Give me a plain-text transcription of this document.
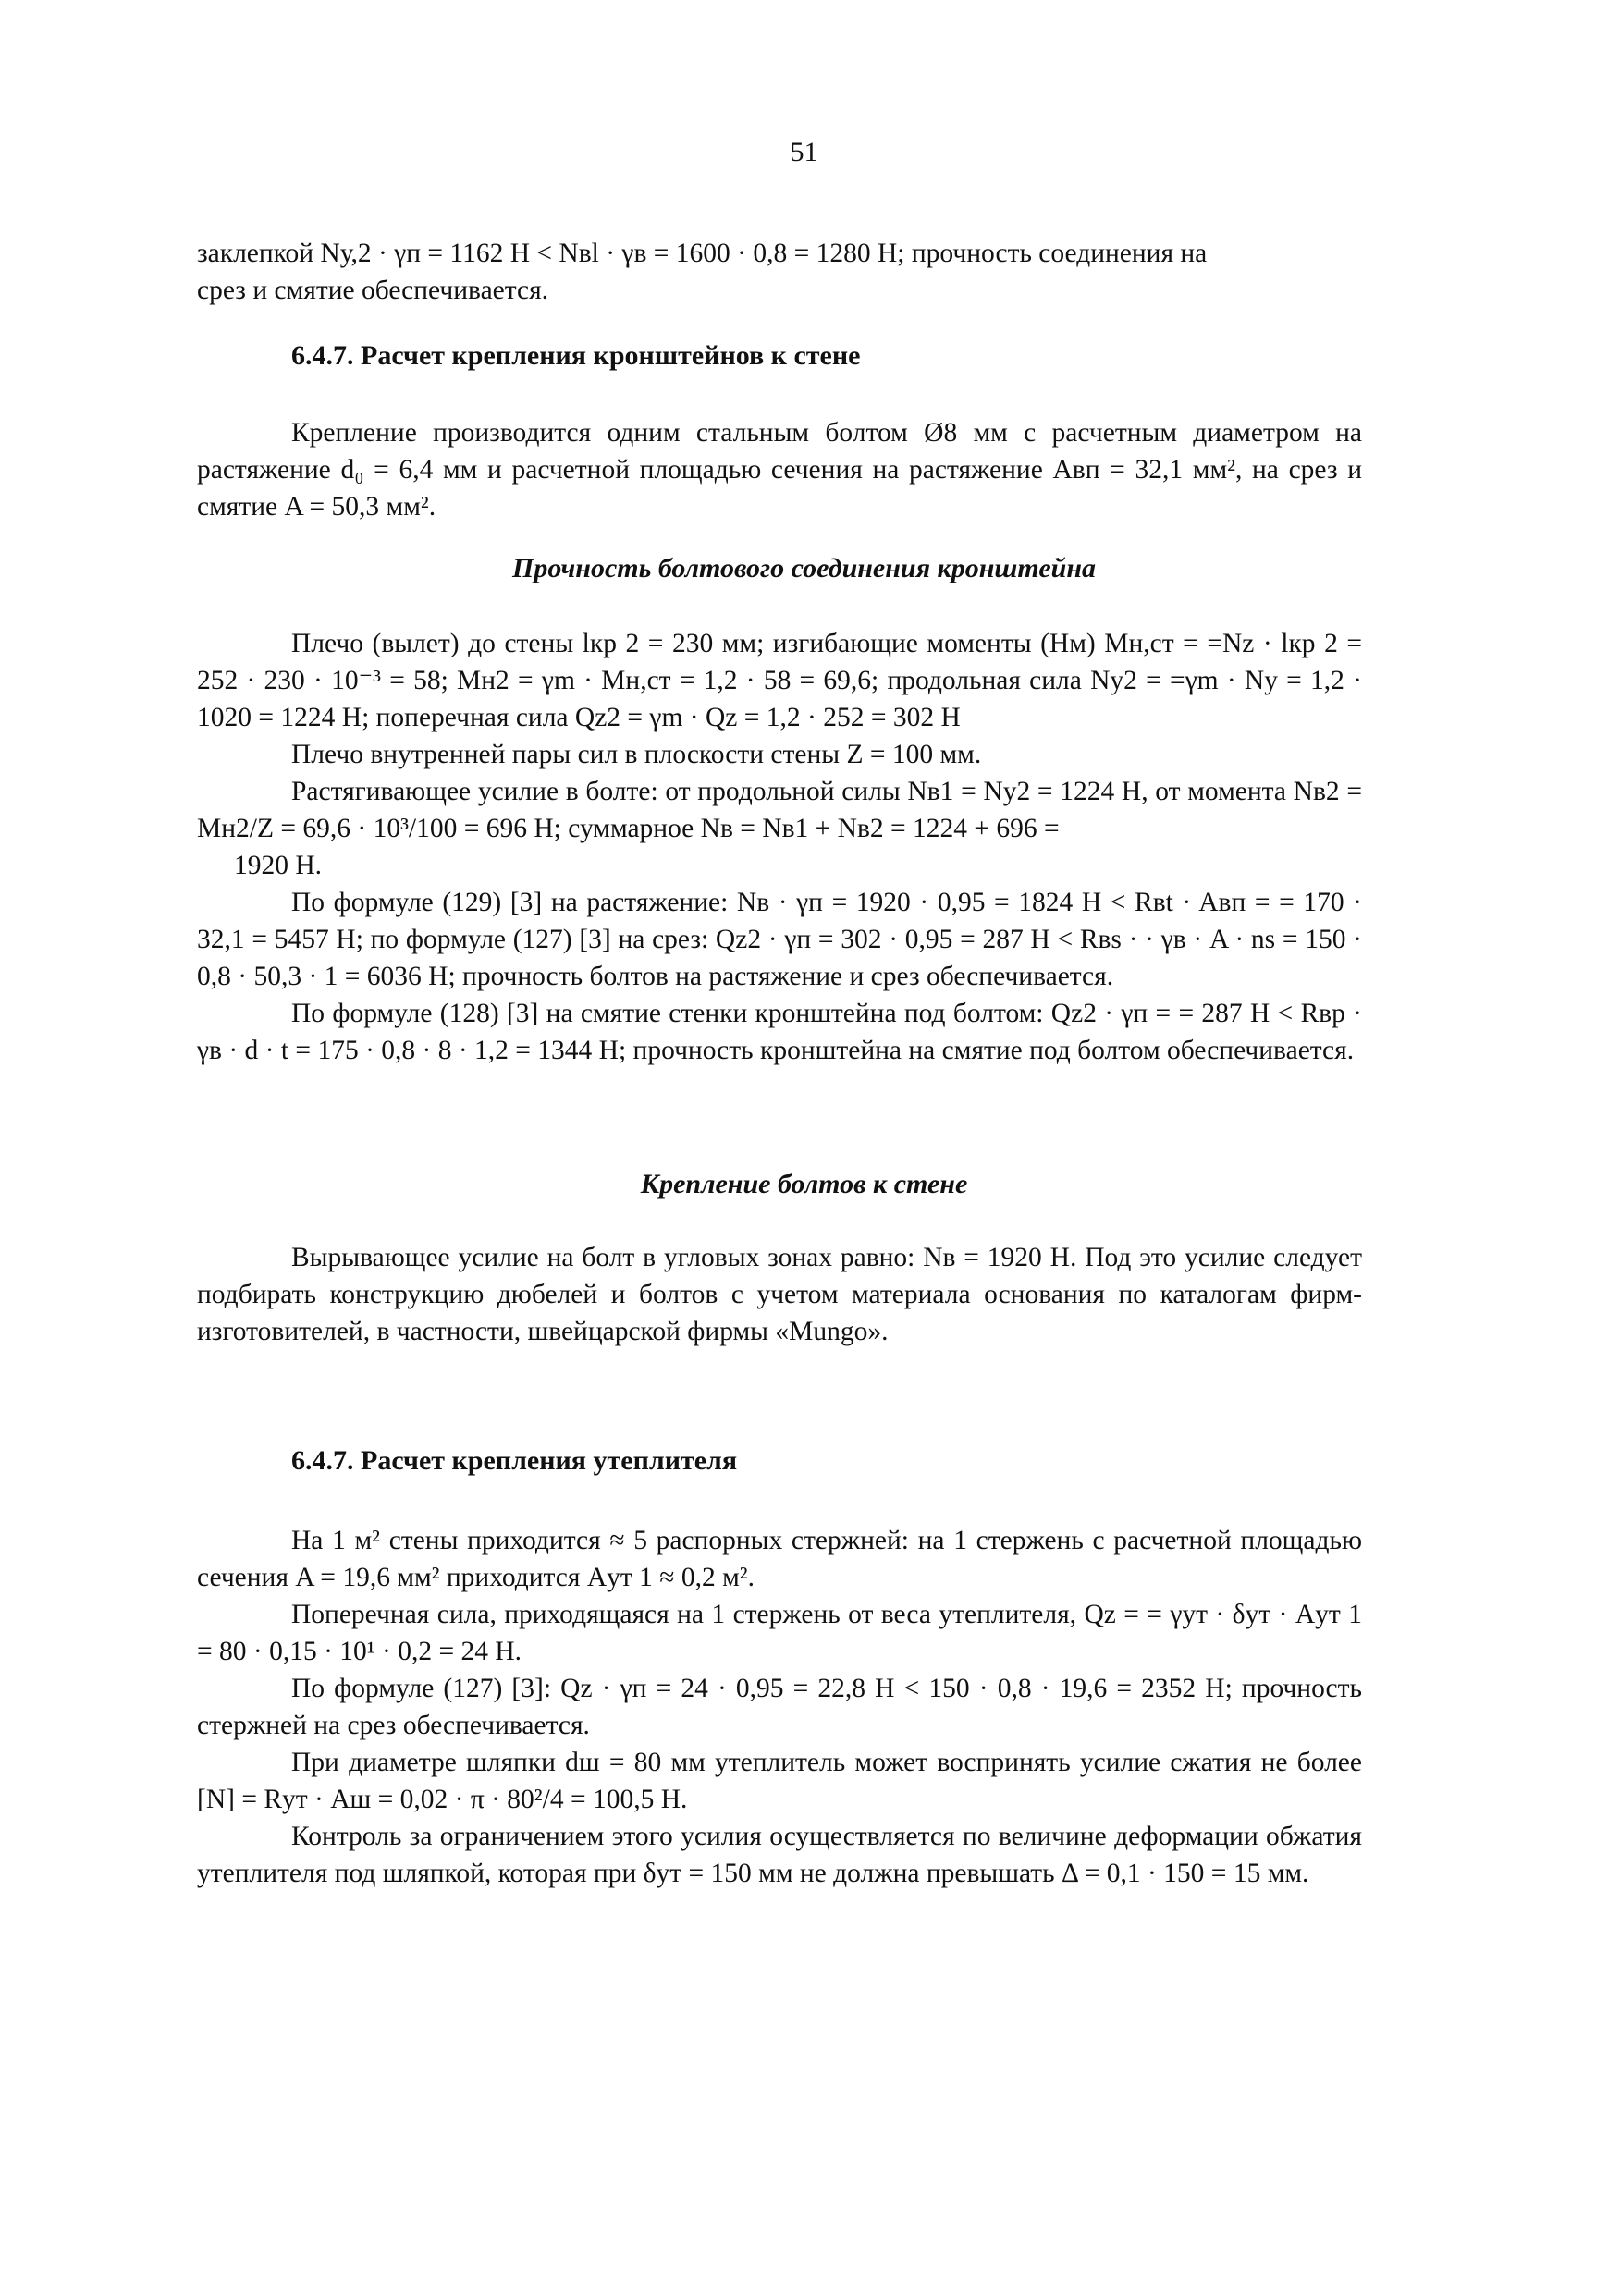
51

заклепкой Nу,2 · γп = 1162 Н < Nвl · γв = 1600 · 0,8 = 1280 Н; прочность соединения на

срез и смятие обеспечивается.

6.4.7. Расчет крепления кронштейнов к стене

Крепление производится одним стальным болтом Ø8 мм с расчетным диаметром на растяжение d₀ = 6,4 мм и расчетной площадью сечения на растяжение Aвп = 32,1 мм², на срез и смятие A = 50,3 мм².

Прочность болтового соединения кронштейна

Плечо (вылет) до стены lкр 2 = 230 мм; изгибающие моменты (Нм) Mн,ст = =Nz · lкр 2 = 252 · 230 · 10⁻³ = 58; Mн2 = γm · Mн,ст = 1,2 · 58 = 69,6; продольная сила Ny2 = =γm · Ny = 1,2 · 1020 = 1224 Н; поперечная сила Qz2 = γm · Qz = 1,2 · 252 = 302 Н

Плечо внутренней пары сил в плоскости стены Z = 100 мм.

Растягивающее усилие в болте: от продольной силы Nв1 = Ny2 = 1224 Н, от момента Nв2 = Mн2/Z = 69,6 · 10³/100 = 696 Н; суммарное Nв = Nв1 + Nв2 = 1224 + 696 =

1920 Н.

По формуле (129) [3] на растяжение: Nв · γп = 1920 · 0,95 = 1824 Н < Rвt · Aвп = = 170 · 32,1 = 5457 Н; по формуле (127) [3] на срез: Qz2 · γп = 302 · 0,95 = 287 Н < Rвs · · γв · A · ns = 150 · 0,8 · 50,3 · 1 = 6036 Н; прочность болтов на растяжение и срез обеспечивается.

По формуле (128) [3] на смятие стенки кронштейна под болтом: Qz2 · γп = = 287 Н < Rвp · γв · d · t = 175 · 0,8 · 8 · 1,2 = 1344 Н; прочность кронштейна на смятие под болтом обеспечивается.

Крепление болтов к стене

Вырывающее усилие на болт в угловых зонах равно: Nв = 1920 Н. Под это усилие следует подбирать конструкцию дюбелей и болтов с учетом материала основания по каталогам фирм-изготовителей, в частности, швейцарской фирмы «Mungo».

6.4.7. Расчет крепления утеплителя

На 1 м² стены приходится ≈ 5 распорных стержней: на 1 стержень с расчетной площадью сечения A = 19,6 мм² приходится Aут 1 ≈ 0,2 м².

Поперечная сила, приходящаяся на 1 стержень от веса утеплителя, Qz = = γут · δут · Aут 1 = 80 · 0,15 · 10¹ · 0,2 = 24 Н.

По формуле (127) [3]: Qz · γп = 24 · 0,95 = 22,8 Н < 150 · 0,8 · 19,6 = 2352 Н; прочность стержней на срез обеспечивается.

При диаметре шляпки dш = 80 мм утеплитель может воспринять усилие сжатия не более [N] = Rут · Aш = 0,02 · π · 80²/4 = 100,5 Н.

Контроль за ограничением этого усилия осуществляется по величине деформации обжатия утеплителя под шляпкой, которая при δут = 150 мм не должна превышать Δ = 0,1 · 150 = 15 мм.
